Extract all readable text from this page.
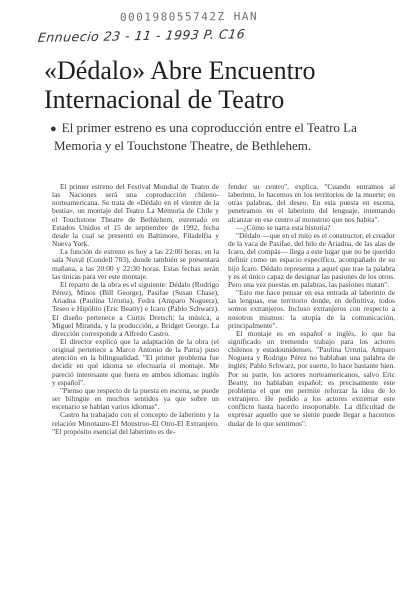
000198055742Z HAN
Ennuecio 23 - 11 - 1993 P. C16
«Dédalo» Abre Encuentro Internacional de Teatro
● El primer estreno es una coproducción entre el Teatro La Memoria y el Touchstone Theatre, de Bethlehem.

El primer estreno del Festival Mundial de Teatro de las Naciones será una coproducción chileno-norteamericana. Se trata de «Dédalo en el vientre de la bestia», un montaje del Teatro La Memoria de Chile y el Touchstone Theatre de Bethlehem, estrenado en Estados Unidos el 15 de septiembre de 1992, fecha desde la cual se presentó en Baltimore, Filadelfia y Nueva York.

La función de estreno es hoy a las 22:00 horas, en la sala Nuval (Condell 703), donde también se presentará mañana, a las 20:00 y 22:30 horas. Estas fechas serán las únicas para ver este montaje.

El reparto de la obra es el siguiente: Dédalo (Rodrigo Pérez), Minos (Bill George), Pasifae (Susan Chase), Ariadna (Paulina Urrutia), Fedra (Amparo Noguera), Teseo e Hipólito (Eric Beatty) e Icaro (Pablo Schwarz). El diseño pertenece a Curtis Dretsch; la música, a Miguel Miranda, y la producción, a Bridget George. La dirección corresponde a Alfredo Castro.

El director explicó que la adaptación de la obra (el original pertenece a Marco Antonio de la Parra) puso atención en la bilingualidad. "El primer problema fue decidir en qué idioma se efectuaría el montaje. Me pareció interesante que fuera en ambos idiomas: inglés y español".

"Pienso que respecto de la puesta en escena, se puede ser bilingüe en muchos sentidos ya que sobre un escenario se hablan varios idiomas".

Castro ha trabajado con el concepto de laberinto y la relación Minotauro-El Monstruo-El Otro-El Extranjero. "El propósito esencial del laberinto es de-

fender su centro", explica. "Cuando entramos al laberinto, lo hacemos en los territorios de la muerte; en otras palabras, del deseo. En esta puesta en escena, penetramos en el laberinto del lenguaje, intentando alcanzar en ese centro al monstruo que nos habita".

—¿Cómo se narra esta historia?

"Dédalo —que en el mito es el constructor, el creador de la vaca de Pasifae, del hilo de Ariadna, de las alas de Icaro, del compás— llega a este lugar que no he querido definir como un espacio específico, acompañado de su hijo Icaro. Dédalo representa a aquel que trae la palabra y es el único capaz de designar las pasiones de los otros. Pero una vez puestas en palabras, las pasiones matan".

"Esto me hace pensar en esa entrada al laberinto de las lenguas, ese territorio donde, en definitiva, todos somos extranjeros. Incluso extranjeros con respecto a nosotros mismos: la utopía de la comunicación, principalmente".

El montaje es en español e inglés, lo que ha significado un tremendo trabajo para los actores chilenos y estadounidenses. "Paulina Urrutia, Amparo Noguera y Rodrigo Pérez no hablaban una palabra de inglés; Pablo Schwarz, por suerte, lo hace bastante bien. Por su parte, los actores norteamericanos, salvo Eric Beatty, no hablaban español; es precisamente este problema el que me permite reforzar la idea de lo extranjero. He pedido a los actores extremar este conflicto hasta hacerlo insoportable. La dificultad de expresar aquello que se siente puede llegar a hacernos dudar de lo que sentimos".
